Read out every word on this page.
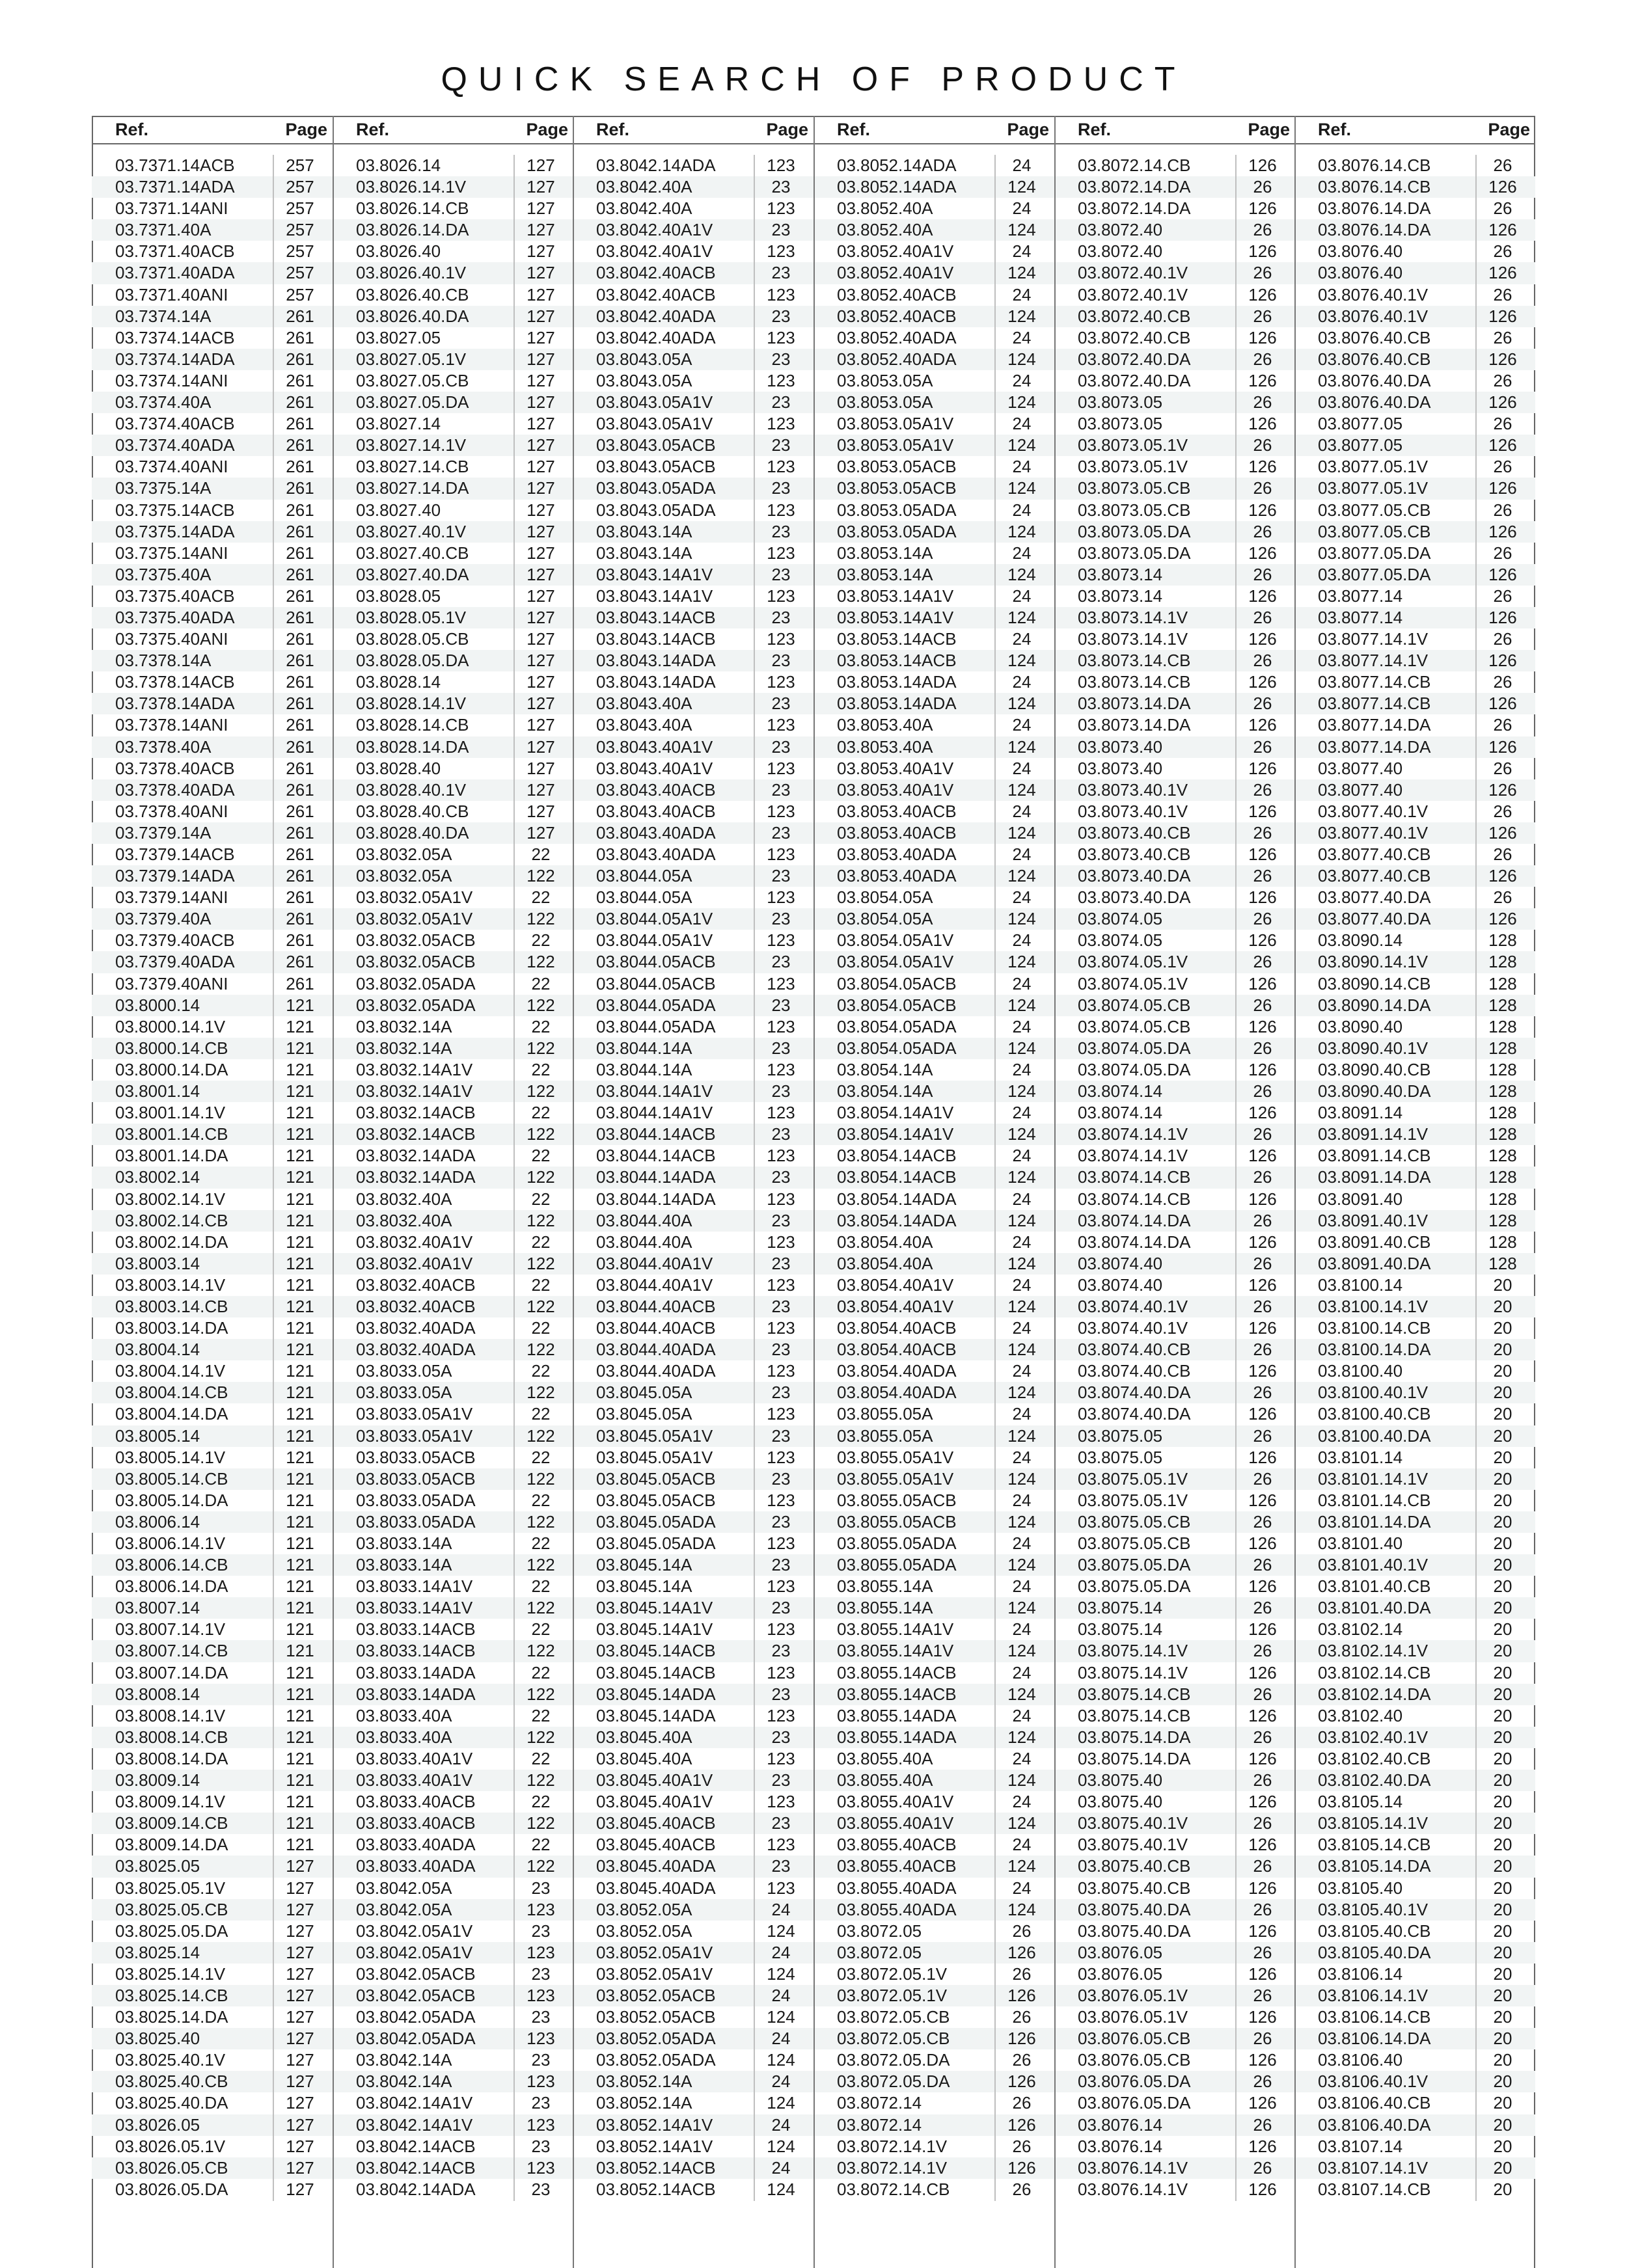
QUICK SEARCH OF PRODUCT
Ref.	Page
03.7371.14ACB	257
03.7371.14ADA	257
03.7371.14ANI	257
03.7371.40A	257
03.7371.40ACB	257
03.7371.40ADA	257
03.7371.40ANI	257
03.7374.14A	261
03.7374.14ACB	261
03.7374.14ADA	261
03.7374.14ANI	261
03.7374.40A	261
03.7374.40ACB	261
03.7374.40ADA	261
03.7374.40ANI	261
03.7375.14A	261
03.7375.14ACB	261
03.7375.14ADA	261
03.7375.14ANI	261
03.7375.40A	261
03.7375.40ACB	261
03.7375.40ADA	261
03.7375.40ANI	261
03.7378.14A	261
03.7378.14ACB	261
03.7378.14ADA	261
03.7378.14ANI	261
03.7378.40A	261
03.7378.40ACB	261
03.7378.40ADA	261
03.7378.40ANI	261
03.7379.14A	261
03.7379.14ACB	261
03.7379.14ADA	261
03.7379.14ANI	261
03.7379.40A	261
03.7379.40ACB	261
03.7379.40ADA	261
03.7379.40ANI	261
03.8000.14	121
03.8000.14.1V	121
03.8000.14.CB	121
03.8000.14.DA	121
03.8001.14	121
03.8001.14.1V	121
03.8001.14.CB	121
03.8001.14.DA	121
03.8002.14	121
03.8002.14.1V	121
03.8002.14.CB	121
03.8002.14.DA	121
03.8003.14	121
03.8003.14.1V	121
03.8003.14.CB	121
03.8003.14.DA	121
03.8004.14	121
03.8004.14.1V	121
03.8004.14.CB	121
03.8004.14.DA	121
03.8005.14	121
03.8005.14.1V	121
03.8005.14.CB	121
03.8005.14.DA	121
03.8006.14	121
03.8006.14.1V	121
03.8006.14.CB	121
03.8006.14.DA	121
03.8007.14	121
03.8007.14.1V	121
03.8007.14.CB	121
03.8007.14.DA	121
03.8008.14	121
03.8008.14.1V	121
03.8008.14.CB	121
03.8008.14.DA	121
03.8009.14	121
03.8009.14.1V	121
03.8009.14.CB	121
03.8009.14.DA	121
03.8025.05	127
03.8025.05.1V	127
03.8025.05.CB	127
03.8025.05.DA	127
03.8025.14	127
03.8025.14.1V	127
03.8025.14.CB	127
03.8025.14.DA	127
03.8025.40	127
03.8025.40.1V	127
03.8025.40.CB	127
03.8025.40.DA	127
03.8026.05	127
03.8026.05.1V	127
03.8026.05.CB	127
03.8026.05.DA	127
Ref.	Page
03.8026.14	127
03.8026.14.1V	127
03.8026.14.CB	127
03.8026.14.DA	127
03.8026.40	127
03.8026.40.1V	127
03.8026.40.CB	127
03.8026.40.DA	127
03.8027.05	127
03.8027.05.1V	127
03.8027.05.CB	127
03.8027.05.DA	127
03.8027.14	127
03.8027.14.1V	127
03.8027.14.CB	127
03.8027.14.DA	127
03.8027.40	127
03.8027.40.1V	127
03.8027.40.CB	127
03.8027.40.DA	127
03.8028.05	127
03.8028.05.1V	127
03.8028.05.CB	127
03.8028.05.DA	127
03.8028.14	127
03.8028.14.1V	127
03.8028.14.CB	127
03.8028.14.DA	127
03.8028.40	127
03.8028.40.1V	127
03.8028.40.CB	127
03.8028.40.DA	127
03.8032.05A	22
03.8032.05A	122
03.8032.05A1V	22
03.8032.05A1V	122
03.8032.05ACB	22
03.8032.05ACB	122
03.8032.05ADA	22
03.8032.05ADA	122
03.8032.14A	22
03.8032.14A	122
03.8032.14A1V	22
03.8032.14A1V	122
03.8032.14ACB	22
03.8032.14ACB	122
03.8032.14ADA	22
03.8032.14ADA	122
03.8032.40A	22
03.8032.40A	122
03.8032.40A1V	22
03.8032.40A1V	122
03.8032.40ACB	22
03.8032.40ACB	122
03.8032.40ADA	22
03.8032.40ADA	122
03.8033.05A	22
03.8033.05A	122
03.8033.05A1V	22
03.8033.05A1V	122
03.8033.05ACB	22
03.8033.05ACB	122
03.8033.05ADA	22
03.8033.05ADA	122
03.8033.14A	22
03.8033.14A	122
03.8033.14A1V	22
03.8033.14A1V	122
03.8033.14ACB	22
03.8033.14ACB	122
03.8033.14ADA	22
03.8033.14ADA	122
03.8033.40A	22
03.8033.40A	122
03.8033.40A1V	22
03.8033.40A1V	122
03.8033.40ACB	22
03.8033.40ACB	122
03.8033.40ADA	22
03.8033.40ADA	122
03.8042.05A	23
03.8042.05A	123
03.8042.05A1V	23
03.8042.05A1V	123
03.8042.05ACB	23
03.8042.05ACB	123
03.8042.05ADA	23
03.8042.05ADA	123
03.8042.14A	23
03.8042.14A	123
03.8042.14A1V	23
03.8042.14A1V	123
03.8042.14ACB	23
03.8042.14ACB	123
03.8042.14ADA	23
Ref.	Page
03.8042.14ADA	123
03.8042.40A	23
03.8042.40A	123
03.8042.40A1V	23
03.8042.40A1V	123
03.8042.40ACB	23
03.8042.40ACB	123
03.8042.40ADA	23
03.8042.40ADA	123
03.8043.05A	23
03.8043.05A	123
03.8043.05A1V	23
03.8043.05A1V	123
03.8043.05ACB	23
03.8043.05ACB	123
03.8043.05ADA	23
03.8043.05ADA	123
03.8043.14A	23
03.8043.14A	123
03.8043.14A1V	23
03.8043.14A1V	123
03.8043.14ACB	23
03.8043.14ACB	123
03.8043.14ADA	23
03.8043.14ADA	123
03.8043.40A	23
03.8043.40A	123
03.8043.40A1V	23
03.8043.40A1V	123
03.8043.40ACB	23
03.8043.40ACB	123
03.8043.40ADA	23
03.8043.40ADA	123
03.8044.05A	23
03.8044.05A	123
03.8044.05A1V	23
03.8044.05A1V	123
03.8044.05ACB	23
03.8044.05ACB	123
03.8044.05ADA	23
03.8044.05ADA	123
03.8044.14A	23
03.8044.14A	123
03.8044.14A1V	23
03.8044.14A1V	123
03.8044.14ACB	23
03.8044.14ACB	123
03.8044.14ADA	23
03.8044.14ADA	123
03.8044.40A	23
03.8044.40A	123
03.8044.40A1V	23
03.8044.40A1V	123
03.8044.40ACB	23
03.8044.40ACB	123
03.8044.40ADA	23
03.8044.40ADA	123
03.8045.05A	23
03.8045.05A	123
03.8045.05A1V	23
03.8045.05A1V	123
03.8045.05ACB	23
03.8045.05ACB	123
03.8045.05ADA	23
03.8045.05ADA	123
03.8045.14A	23
03.8045.14A	123
03.8045.14A1V	23
03.8045.14A1V	123
03.8045.14ACB	23
03.8045.14ACB	123
03.8045.14ADA	23
03.8045.14ADA	123
03.8045.40A	23
03.8045.40A	123
03.8045.40A1V	23
03.8045.40A1V	123
03.8045.40ACB	23
03.8045.40ACB	123
03.8045.40ADA	23
03.8045.40ADA	123
03.8052.05A	24
03.8052.05A	124
03.8052.05A1V	24
03.8052.05A1V	124
03.8052.05ACB	24
03.8052.05ACB	124
03.8052.05ADA	24
03.8052.05ADA	124
03.8052.14A	24
03.8052.14A	124
03.8052.14A1V	24
03.8052.14A1V	124
03.8052.14ACB	24
03.8052.14ACB	124
Ref.	Page
03.8052.14ADA	24
03.8052.14ADA	124
03.8052.40A	24
03.8052.40A	124
03.8052.40A1V	24
03.8052.40A1V	124
03.8052.40ACB	24
03.8052.40ACB	124
03.8052.40ADA	24
03.8052.40ADA	124
03.8053.05A	24
03.8053.05A	124
03.8053.05A1V	24
03.8053.05A1V	124
03.8053.05ACB	24
03.8053.05ACB	124
03.8053.05ADA	24
03.8053.05ADA	124
03.8053.14A	24
03.8053.14A	124
03.8053.14A1V	24
03.8053.14A1V	124
03.8053.14ACB	24
03.8053.14ACB	124
03.8053.14ADA	24
03.8053.14ADA	124
03.8053.40A	24
03.8053.40A	124
03.8053.40A1V	24
03.8053.40A1V	124
03.8053.40ACB	24
03.8053.40ACB	124
03.8053.40ADA	24
03.8053.40ADA	124
03.8054.05A	24
03.8054.05A	124
03.8054.05A1V	24
03.8054.05A1V	124
03.8054.05ACB	24
03.8054.05ACB	124
03.8054.05ADA	24
03.8054.05ADA	124
03.8054.14A	24
03.8054.14A	124
03.8054.14A1V	24
03.8054.14A1V	124
03.8054.14ACB	24
03.8054.14ACB	124
03.8054.14ADA	24
03.8054.14ADA	124
03.8054.40A	24
03.8054.40A	124
03.8054.40A1V	24
03.8054.40A1V	124
03.8054.40ACB	24
03.8054.40ACB	124
03.8054.40ADA	24
03.8054.40ADA	124
03.8055.05A	24
03.8055.05A	124
03.8055.05A1V	24
03.8055.05A1V	124
03.8055.05ACB	24
03.8055.05ACB	124
03.8055.05ADA	24
03.8055.05ADA	124
03.8055.14A	24
03.8055.14A	124
03.8055.14A1V	24
03.8055.14A1V	124
03.8055.14ACB	24
03.8055.14ACB	124
03.8055.14ADA	24
03.8055.14ADA	124
03.8055.40A	24
03.8055.40A	124
03.8055.40A1V	24
03.8055.40A1V	124
03.8055.40ACB	24
03.8055.40ACB	124
03.8055.40ADA	24
03.8055.40ADA	124
03.8072.05	26
03.8072.05	126
03.8072.05.1V	26
03.8072.05.1V	126
03.8072.05.CB	26
03.8072.05.CB	126
03.8072.05.DA	26
03.8072.05.DA	126
03.8072.14	26
03.8072.14	126
03.8072.14.1V	26
03.8072.14.1V	126
03.8072.14.CB	26
Ref.	Page
03.8072.14.CB	126
03.8072.14.DA	26
03.8072.14.DA	126
03.8072.40	26
03.8072.40	126
03.8072.40.1V	26
03.8072.40.1V	126
03.8072.40.CB	26
03.8072.40.CB	126
03.8072.40.DA	26
03.8072.40.DA	126
03.8073.05	26
03.8073.05	126
03.8073.05.1V	26
03.8073.05.1V	126
03.8073.05.CB	26
03.8073.05.CB	126
03.8073.05.DA	26
03.8073.05.DA	126
03.8073.14	26
03.8073.14	126
03.8073.14.1V	26
03.8073.14.1V	126
03.8073.14.CB	26
03.8073.14.CB	126
03.8073.14.DA	26
03.8073.14.DA	126
03.8073.40	26
03.8073.40	126
03.8073.40.1V	26
03.8073.40.1V	126
03.8073.40.CB	26
03.8073.40.CB	126
03.8073.40.DA	26
03.8073.40.DA	126
03.8074.05	26
03.8074.05	126
03.8074.05.1V	26
03.8074.05.1V	126
03.8074.05.CB	26
03.8074.05.CB	126
03.8074.05.DA	26
03.8074.05.DA	126
03.8074.14	26
03.8074.14	126
03.8074.14.1V	26
03.8074.14.1V	126
03.8074.14.CB	26
03.8074.14.CB	126
03.8074.14.DA	26
03.8074.14.DA	126
03.8074.40	26
03.8074.40	126
03.8074.40.1V	26
03.8074.40.1V	126
03.8074.40.CB	26
03.8074.40.CB	126
03.8074.40.DA	26
03.8074.40.DA	126
03.8075.05	26
03.8075.05	126
03.8075.05.1V	26
03.8075.05.1V	126
03.8075.05.CB	26
03.8075.05.CB	126
03.8075.05.DA	26
03.8075.05.DA	126
03.8075.14	26
03.8075.14	126
03.8075.14.1V	26
03.8075.14.1V	126
03.8075.14.CB	26
03.8075.14.CB	126
03.8075.14.DA	26
03.8075.14.DA	126
03.8075.40	26
03.8075.40	126
03.8075.40.1V	26
03.8075.40.1V	126
03.8075.40.CB	26
03.8075.40.CB	126
03.8075.40.DA	26
03.8075.40.DA	126
03.8076.05	26
03.8076.05	126
03.8076.05.1V	26
03.8076.05.1V	126
03.8076.05.CB	26
03.8076.05.CB	126
03.8076.05.DA	26
03.8076.05.DA	126
03.8076.14	26
03.8076.14	126
03.8076.14.1V	26
03.8076.14.1V	126
Ref.	Page
03.8076.14.CB	26
03.8076.14.CB	126
03.8076.14.DA	26
03.8076.14.DA	126
03.8076.40	26
03.8076.40	126
03.8076.40.1V	26
03.8076.40.1V	126
03.8076.40.CB	26
03.8076.40.CB	126
03.8076.40.DA	26
03.8076.40.DA	126
03.8077.05	26
03.8077.05	126
03.8077.05.1V	26
03.8077.05.1V	126
03.8077.05.CB	26
03.8077.05.CB	126
03.8077.05.DA	26
03.8077.05.DA	126
03.8077.14	26
03.8077.14	126
03.8077.14.1V	26
03.8077.14.1V	126
03.8077.14.CB	26
03.8077.14.CB	126
03.8077.14.DA	26
03.8077.14.DA	126
03.8077.40	26
03.8077.40	126
03.8077.40.1V	26
03.8077.40.1V	126
03.8077.40.CB	26
03.8077.40.CB	126
03.8077.40.DA	26
03.8077.40.DA	126
03.8090.14	128
03.8090.14.1V	128
03.8090.14.CB	128
03.8090.14.DA	128
03.8090.40	128
03.8090.40.1V	128
03.8090.40.CB	128
03.8090.40.DA	128
03.8091.14	128
03.8091.14.1V	128
03.8091.14.CB	128
03.8091.14.DA	128
03.8091.40	128
03.8091.40.1V	128
03.8091.40.CB	128
03.8091.40.DA	128
03.8100.14	20
03.8100.14.1V	20
03.8100.14.CB	20
03.8100.14.DA	20
03.8100.40	20
03.8100.40.1V	20
03.8100.40.CB	20
03.8100.40.DA	20
03.8101.14	20
03.8101.14.1V	20
03.8101.14.CB	20
03.8101.14.DA	20
03.8101.40	20
03.8101.40.1V	20
03.8101.40.CB	20
03.8101.40.DA	20
03.8102.14	20
03.8102.14.1V	20
03.8102.14.CB	20
03.8102.14.DA	20
03.8102.40	20
03.8102.40.1V	20
03.8102.40.CB	20
03.8102.40.DA	20
03.8105.14	20
03.8105.14.1V	20
03.8105.14.CB	20
03.8105.14.DA	20
03.8105.40	20
03.8105.40.1V	20
03.8105.40.CB	20
03.8105.40.DA	20
03.8106.14	20
03.8106.14.1V	20
03.8106.14.CB	20
03.8106.14.DA	20
03.8106.40	20
03.8106.40.1V	20
03.8106.40.CB	20
03.8106.40.DA	20
03.8107.14	20
03.8107.14.1V	20
03.8107.14.CB	20
